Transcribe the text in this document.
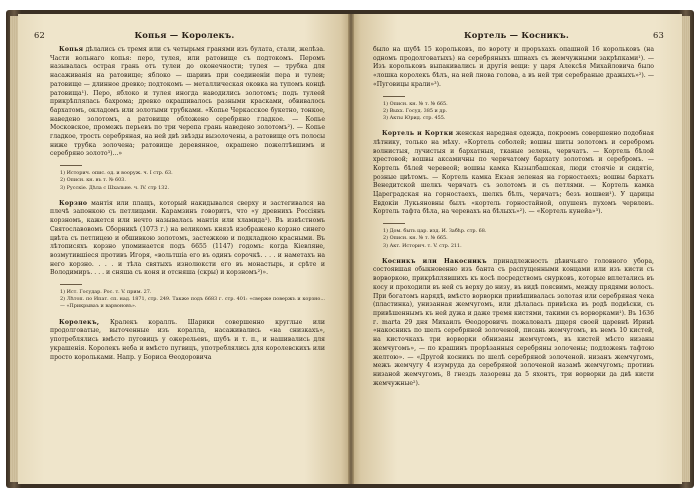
62	Копья — Королекъ.

Копья дѣлались съ тремя или съ четырьмя гранями изъ булата, стали, желѣза. Части вольнаго копья: перо, тулея, или ратовище съ подтокомъ. Перомъ называлась острая грань отъ тулеи до оконечности; тулея — трубка для насаживанія на ратовище; яблоко — шаривъ при соединеніи пера и тулеи; ратовище — длинное древко; подтокомъ — металлическая оковка на тупомъ концѣ ратовища¹). Перо, яблоко и тулея иногда наводились золотомъ; подъ тулеей прикрѣплялась бахрома; древко окрашивалось разными красками, обвивалось бархатомъ, окладомъ или золотыми трубками. «Копье Черкасское букетно, тонкое, наведено золотомъ, а ратовище обложено серебряно гладкое. — Копье Московское, промежъ перьевъ по три черепа грань наведено золотомъ²). — Копье гладкое, трость серебряная, на ней двѣ звѣзды вызолочены, а ратовище отъ полосы ниже трубка золочена; ратовище деревянное, окрашено пожелтѣвшимъ и серебряно золото³)...»

1) Историч. опис. од. и вооруж. ч. I стр. 63.
2) Описн. кн. въ т. № 603.
3) Русскіе. Дѣла с Шхальне. ч. IV. стр 132.

Корзно мантія или плащъ, который накидывался сверху и застегивался на плечѣ запонкою съ петлицами. Карамзинъ говоритъ, что «у древнихъ Россіянъ корзномъ, кажется или нечто называлась мантія или хламида¹). Въ извѣстномъ Святославовомъ Сборникѣ (1073 г.) на великомъ князѣ изображено корзно синего цвѣта съ петлицею и обшивкою золотомъ, застежкою и подкладкою красными. Въ лѣтописяхъ корзно упоминается подъ 6655 (1147) годомъ: когда Кіевляне, возмутившіеся противъ Игоря, «вольтшіа его въ одинъ сорочкѣ. . . . и наметахъ на него корзно. . . . и тѣла святыхъ изнолюксти его въ монастырь, и срѣте и Володимиръ. . . . и сняша съ коня и отсняша (скры) и корзномъ²)».

1) Ист. Государ. Рос. т. V. прим. 27.
2) Лѣтоп. по Ипат. сп. над. 1871, стр. 249. Также подъ 6683 г. стр. 401: «сверже повержъ и корзно... — «Прикрываъ и варвоновъ».

Королекъ, Кралекъ кораллъ. Шарики совершенно круглые или продолговатые, выточенные изъ коралла, насаживались «на снизкахъ», употреблялись вмѣсто пуговицъ у ожерельевъ, шубъ и т. п., и нашивались для украшенія. Королекъ неба и вмѣсто пугвицъ, употреблялись для королевскихъ или просто корольками. Напр. у Бориса Ѳеодоровича

Кортель — Косникъ.	63

было на шубѣ 15 корольковъ, по вороту и проръхахъ опашной 16 корольковъ (на одномъ продолговатыхъ) на серебряныхъ шпнахъ съ жемчужными закрѣпками¹). — Изъ корольковъ выпакивались и другія вещи: у царя Алексѣя Михайловича было «лошка королекъ бѣлъ, на ней лнова голова, а въ ней три серебраные дражыхъ»²). — «Пуговицы крали»³).

1) Описн. кн. № т. № 665.
2) Выхх. Госуд. 385 и др.
3) Акты Юрид. стр. 455.

Кортель и Кортки женская наредная одежда, покроемъ совершенно подобная лѣтнику, только на мѣху. «Кортель соболей; вошвы шиты золотомъ и серебромъ волнистыя, лучистыя и бархатныя, тканые зелень, червчатъ. — Кортель бѣлой хрестовой; вошвы аксамичны по червчатому бархату золотомъ и серебромъ. — Кортель бѣлей черевеой; вошвы камка Кызылбашская, люди стоячіе и сидятіе, розные цвѣтомъ. — Кортель камка Екзая зеленая на горностаехъ; вошвы бархатъ Венедитской шелкъ червчатъ съ золотомъ и съ петлями. — Кортель камка Цареградская на горностаехъ, шелкъ бѣлъ, червчатъ; безъ вошвеи¹). У царицы Евдокіи Лукьяновны былъ «кортель горностайной, опушенъ пухомъ червлевъ. Кортель тафта бѣла, на черевахъ на бѣлыхъ»²). — «Кортель кунейа»³).

1) Дом. быть цар. изд. И. Забѣр. стр. 68.
2) Описн. кн. № т. № 665.
3) Акт. Историч. т. V. стр. 211.

Косникъ или Накосникъ принадлежность дѣвичьяго головного убора, состоявшая обыкновенно изъ банта съ распущенными концами или изъ кисти съ ворворкою, прикрѣплявшихъ къ косѣ посредствомъ снурковъ, которые вплетались въ косу и проходили въ ней съ верху до низу, въ видѣ поясвимъ, между прядями волосъ. При богатомъ нарядѣ, вмѣсто ворворки привѣшивалась золотая или серебряная чека (пластинка), унизанная жемчугомъ, или дѣлалась привѣска въ родѣ подвѣски, съ привѣшеннымъ къ ней дужа и даже тремя кистями, такими съ ворворками¹). Въ 1636 г. marta 29 дня Михаилъ Ѳеодоровичъ пожаловалъ дщеря своей царевнѣ Иринѣ «накосникъ по шелъ серебряной золоченой, писань жемчугомъ, въ немъ 10 кистей, на кисточкахъ три ворворки обнизаны жемчугомъ, въ кистей мѣсто низаны жемчугомъ», — по крашинъ прорѣзанныя серебряны золочены; подложенъ тафтою желтою». — «Другой косникъ по шелѣ серебряной золоченой. низанъ жемчугомъ, межъ жемчугу 4 изумруда да серебряной золоченой назамѣ жемчугомъ; противъ низаной жемчугомъ, 8 гнездъ лазоревы да 5 яхонтъ, три ворворки да двѣ кисти жемчужные²).
